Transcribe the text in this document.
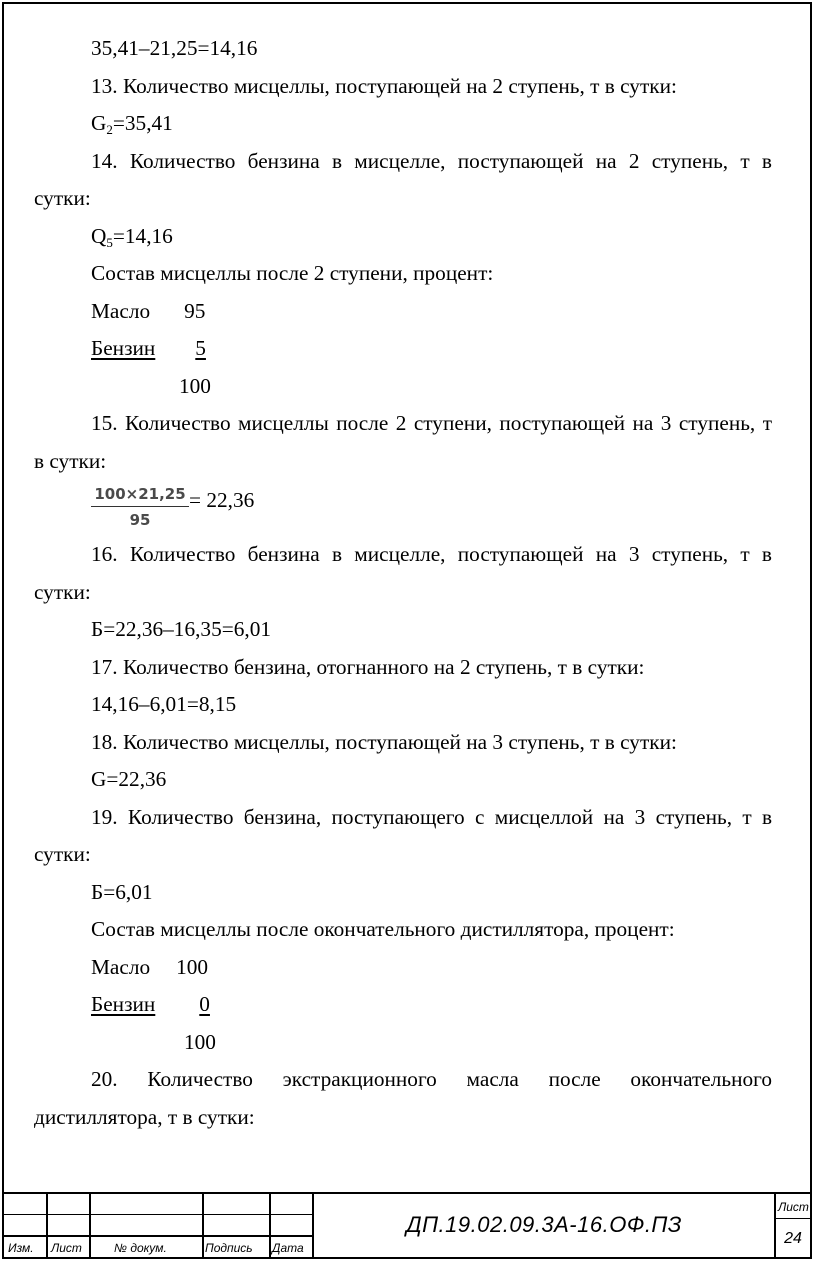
35,41–21,25=14,16
13. Количество мисцеллы, поступающей на 2 ступень, т в сутки:
$G_2=35,41$
14. Количество бензина в мисцелле, поступающей на 2 ступень, т в
сутки:
$Q_5=14,16$
Состав мисцеллы после 2 ступени, процент:
Масло 95
Бензин 5
100
15. Количество мисцеллы после 2 ступени, поступающей на 3 ступень, т
в сутки:
100×21,25
95
= 22,36
16. Количество бензина в мисцелле, поступающей на 3 ступень, т в
сутки:
Б=22,36–16,35=6,01
17. Количество бензина, отогнанного на 2 ступень, т в сутки:
14,16–6,01=8,15
18. Количество мисцеллы, поступающей на 3 ступень, т в сутки:
G=22,36
19. Количество бензина, поступающего с мисцеллой на 3 ступень, т в
сутки:
Б=6,01
Состав мисцеллы после окончательного дистиллятора, процент:
Масло 100
Бензин 0
100
20. Количество экстракционного масла после окончательного
дистиллятора, т в сутки:
Изм. Лист	№ докум.	Подпись Дата
ДП.19.02.09.3А-16.ОФ.ПЗ
Лист
24
